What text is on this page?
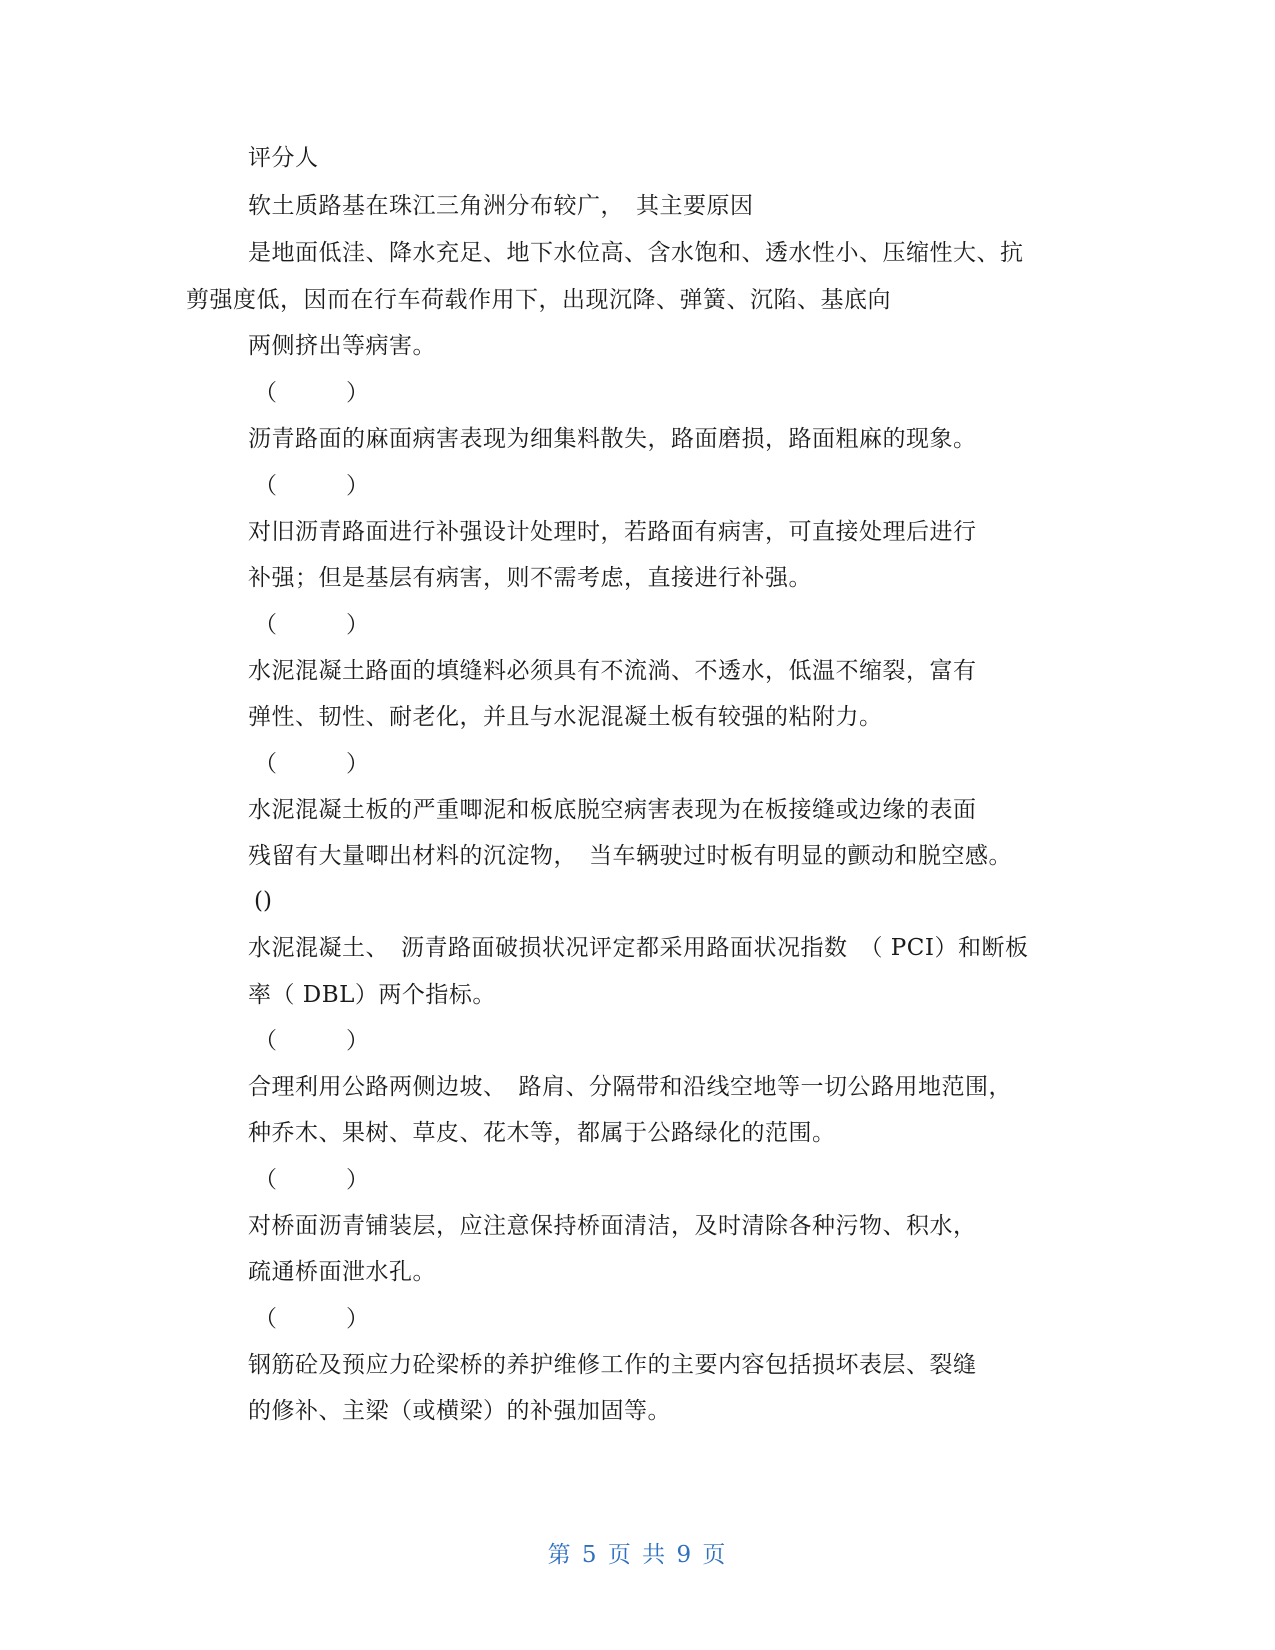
评分人
软土质路基在珠江三角洲分布较广，　其主要原因
是地面低洼、降水充足、地下水位高、含水饱和、透水性小、压缩性大、抗
剪强度低，因而在行车荷载作用下，出现沉降、弹簧、沉陷、基底向
两侧挤出等病害。
（　　　）
沥青路面的麻面病害表现为细集料散失，路面磨损，路面粗麻的现象。
（　　　）
对旧沥青路面进行补强设计处理时，若路面有病害，可直接处理后进行
补强；但是基层有病害，则不需考虑，直接进行补强。
（　　　）
水泥混凝土路面的填缝料必须具有不流淌、不透水，低温不缩裂，富有
弹性、韧性、耐老化，并且与水泥混凝土板有较强的粘附力。
（　　　）
水泥混凝土板的严重唧泥和板底脱空病害表现为在板接缝或边缘的表面
残留有大量唧出材料的沉淀物，　当车辆驶过时板有明显的颤动和脱空感。
()
水泥混凝土、　沥青路面破损状况评定都采用路面状况指数　（ PCI）和断板
率（ DBL）两个指标。
（　　　）
合理利用公路两侧边坡、　路肩、分隔带和沿线空地等一切公路用地范围，
种乔木、果树、草皮、花木等，都属于公路绿化的范围。
（　　　）
对桥面沥青铺装层，应注意保持桥面清洁，及时清除各种污物、积水，
疏通桥面泄水孔。
（　　　）
钢筋砼及预应力砼梁桥的养护维修工作的主要内容包括损坏表层、裂缝
的修补、主梁（或横梁）的补强加固等。
第 5 页 共 9 页
